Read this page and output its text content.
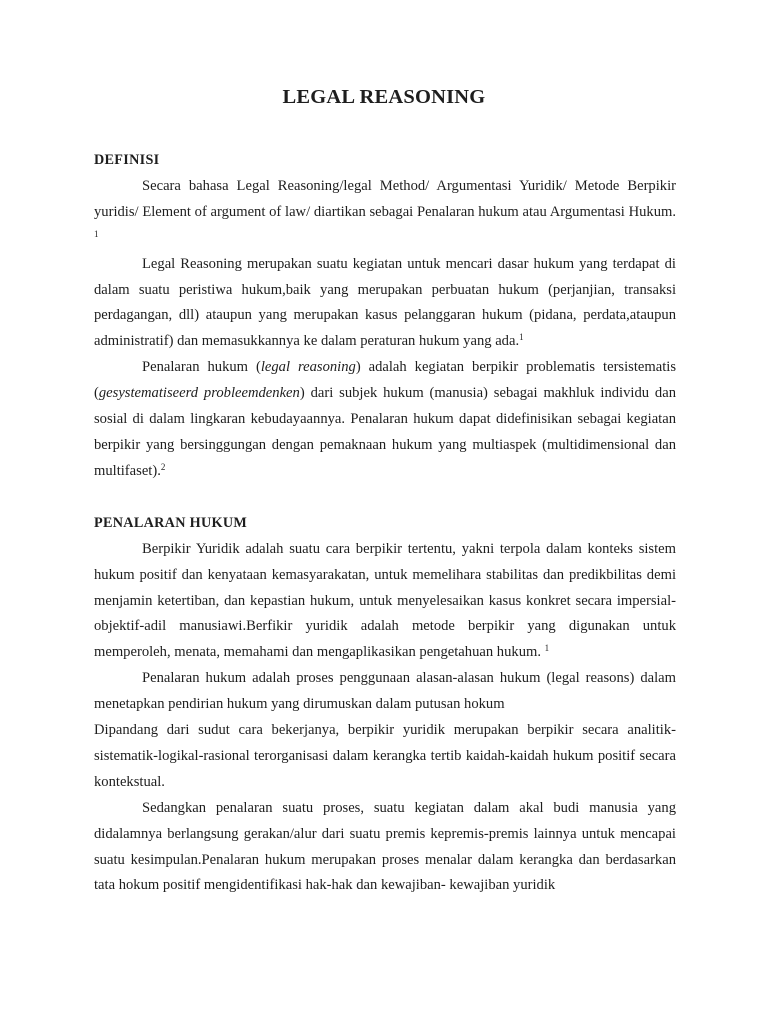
LEGAL REASONING
DEFINISI

Secara bahasa Legal Reasoning/legal Method/ Argumentasi Yuridik/ Metode Berpikir yuridis/ Element of argument of law/ diartikan sebagai Penalaran hukum atau Argumentasi Hukum. $^1$

Legal Reasoning merupakan suatu kegiatan untuk mencari dasar hukum yang terdapat di dalam suatu peristiwa hukum,baik yang merupakan perbuatan hukum (perjanjian, transaksi perdagangan, dll) ataupun yang merupakan kasus pelanggaran hukum (pidana, perdata,ataupun administratif) dan memasukkannya ke dalam peraturan hukum yang ada.$^1$

Penalaran hukum (legal reasoning) adalah kegiatan berpikir problematis tersistematis (gesystematiseerd probleemdenken) dari subjek hukum (manusia) sebagai makhluk individu dan sosial di dalam lingkaran kebudayaannya. Penalaran hukum dapat didefinisikan sebagai kegiatan berpikir yang bersinggungan dengan pemaknaan hukum yang multiaspek (multidimensional dan multifaset).$^2$

PENALARAN HUKUM

Berpikir Yuridik adalah suatu cara berpikir tertentu, yakni terpola dalam konteks sistem hukum positif dan kenyataan kemasyarakatan, untuk memelihara stabilitas dan predikbilitas demi menjamin ketertiban, dan kepastian hukum, untuk menyelesaikan kasus konkret secara impersial- objektif-adil manusiawi.Berfikir yuridik adalah metode berpikir yang digunakan untuk memperoleh, menata, memahami dan mengaplikasikan pengetahuan hukum. $^1$

Penalaran hukum adalah proses penggunaan alasan-alasan hukum (legal reasons) dalam menetapkan pendirian hukum yang dirumuskan dalam putusan hokum

Dipandang dari sudut cara bekerjanya, berpikir yuridik merupakan berpikir secara analitik-sistematik-logikal-rasional terorganisasi dalam kerangka tertib kaidah-kaidah hukum positif secara kontekstual.

Sedangkan penalaran suatu proses, suatu kegiatan dalam akal budi manusia yang didalamnya berlangsung gerakan/alur dari suatu premis kepremis-premis lainnya untuk mencapai suatu kesimpulan.Penalaran hukum merupakan proses menalar dalam kerangka dan berdasarkan tata hokum positif mengidentifikasi hak-hak dan kewajiban- kewajiban yuridik
